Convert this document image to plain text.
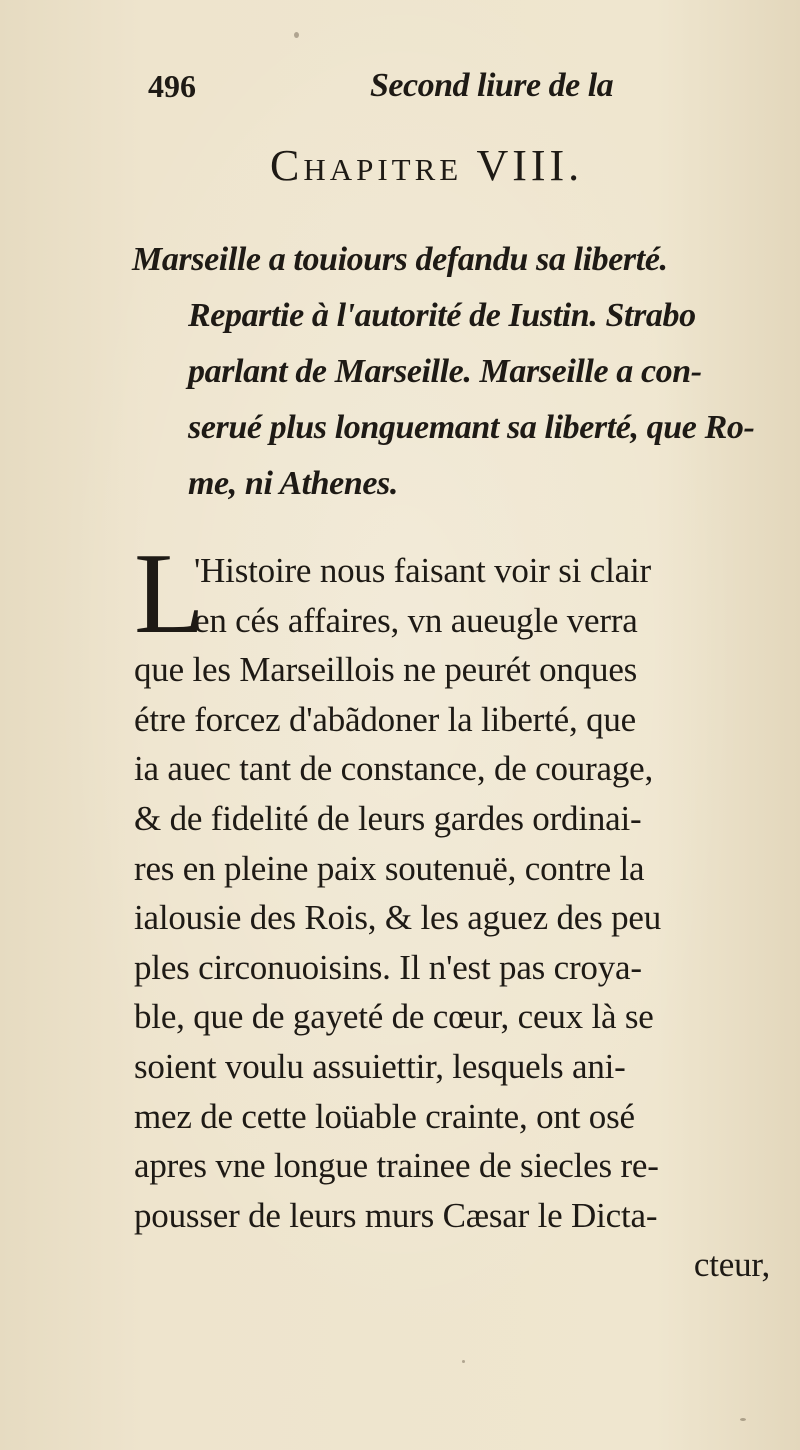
496	Second liure de la
Chapitre VIII.

Marseille a touiours defandu sa liberté.

Repartie à l'autorité de Iustin. Strabo

parlant de Marseille. Marseille a con-

serué plus longuemant sa liberté, que Ro-

me, ni Athenes.

L

'Histoire nous faisant voir si clair

en cés affaires, vn aueugle verra

que les Marseillois ne peurét onques

étre forcez d'abãdoner la liberté, que

ia auec tant de constance, de courage,

& de fidelité de leurs gardes ordinai-

res en pleine paix soutenuë, contre la

ialousie des Rois, & les aguez des peu

ples circonuoisins. Il n'est pas croya-

ble, que de gayeté de cœur, ceux là se

soient voulu assuiettir, lesquels ani-

mez de cette loüable crainte, ont osé

apres vne longue trainee de siecles re-

pousser de leurs murs Cæsar le Dicta-

cteur,
